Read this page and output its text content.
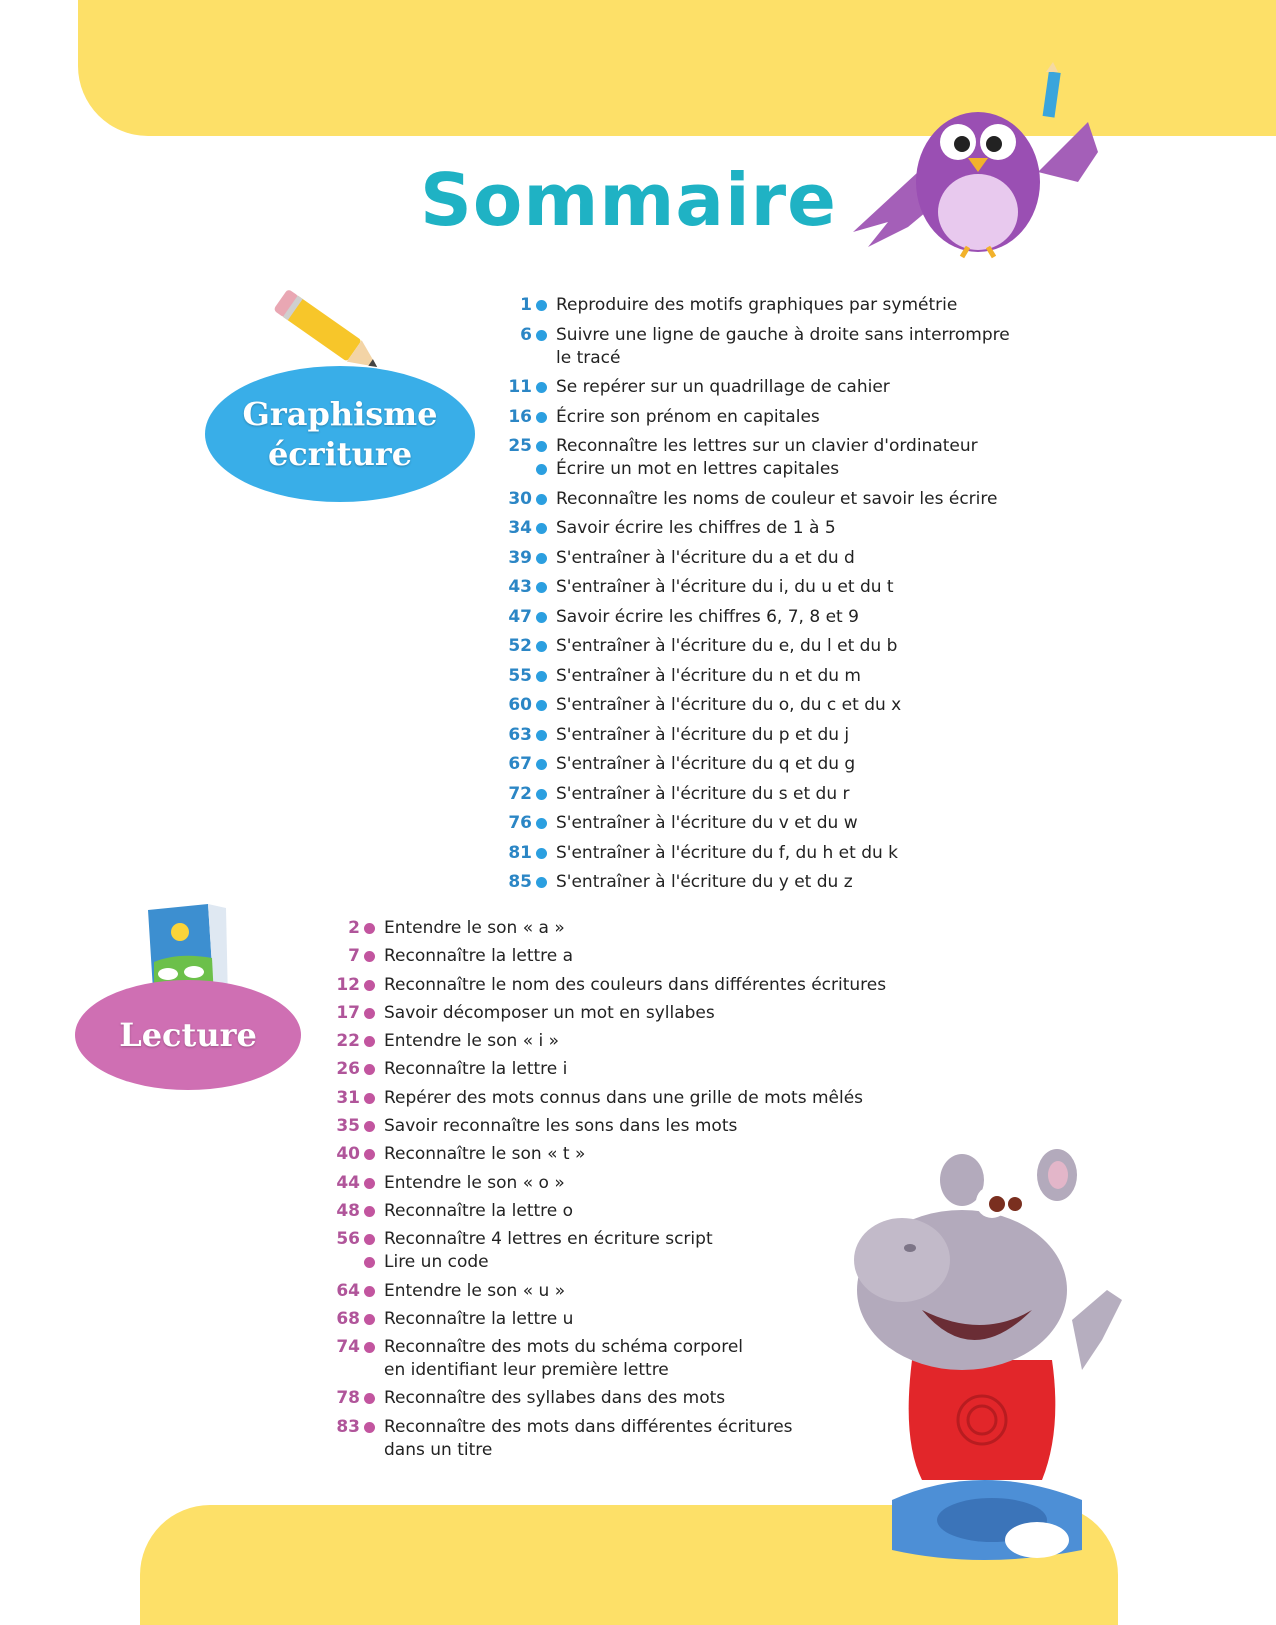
Sommaire
Graphisme
écriture
1 Reproduire des motifs graphiques par symétrie
6 Suivre une ligne de gauche à droite sans interrompre
le tracé
11 Se repérer sur un quadrillage de cahier
16 Écrire son prénom en capitales
25 Reconnaître les lettres sur un clavier d'ordinateur
Écrire un mot en lettres capitales
30 Reconnaître les noms de couleur et savoir les écrire
34 Savoir écrire les chiffres de 1 à 5
39 S'entraîner à l'écriture du a et du d
43 S'entraîner à l'écriture du i, du u et du t
47 Savoir écrire les chiffres 6, 7, 8 et 9
52 S'entraîner à l'écriture du e, du l et du b
55 S'entraîner à l'écriture du n et du m
60 S'entraîner à l'écriture du o, du c et du x
63 S'entraîner à l'écriture du p et du j
67 S'entraîner à l'écriture du q et du g
72 S'entraîner à l'écriture du s et du r
76 S'entraîner à l'écriture du v et du w
81 S'entraîner à l'écriture du f, du h et du k
85 S'entraîner à l'écriture du y et du z
Lecture
2 Entendre le son « a »
7 Reconnaître la lettre a
12 Reconnaître le nom des couleurs dans différentes écritures
17 Savoir décomposer un mot en syllabes
22 Entendre le son « i »
26 Reconnaître la lettre i
31 Repérer des mots connus dans une grille de mots mêlés
35 Savoir reconnaître les sons dans les mots
40 Reconnaître le son « t »
44 Entendre le son « o »
48 Reconnaître la lettre o
56 Reconnaître 4 lettres en écriture script
Lire un code
64 Entendre le son « u »
68 Reconnaître la lettre u
74 Reconnaître des mots du schéma corporel
en identifiant leur première lettre
78 Reconnaître des syllabes dans des mots
83 Reconnaître des mots dans différentes écritures
dans un titre
